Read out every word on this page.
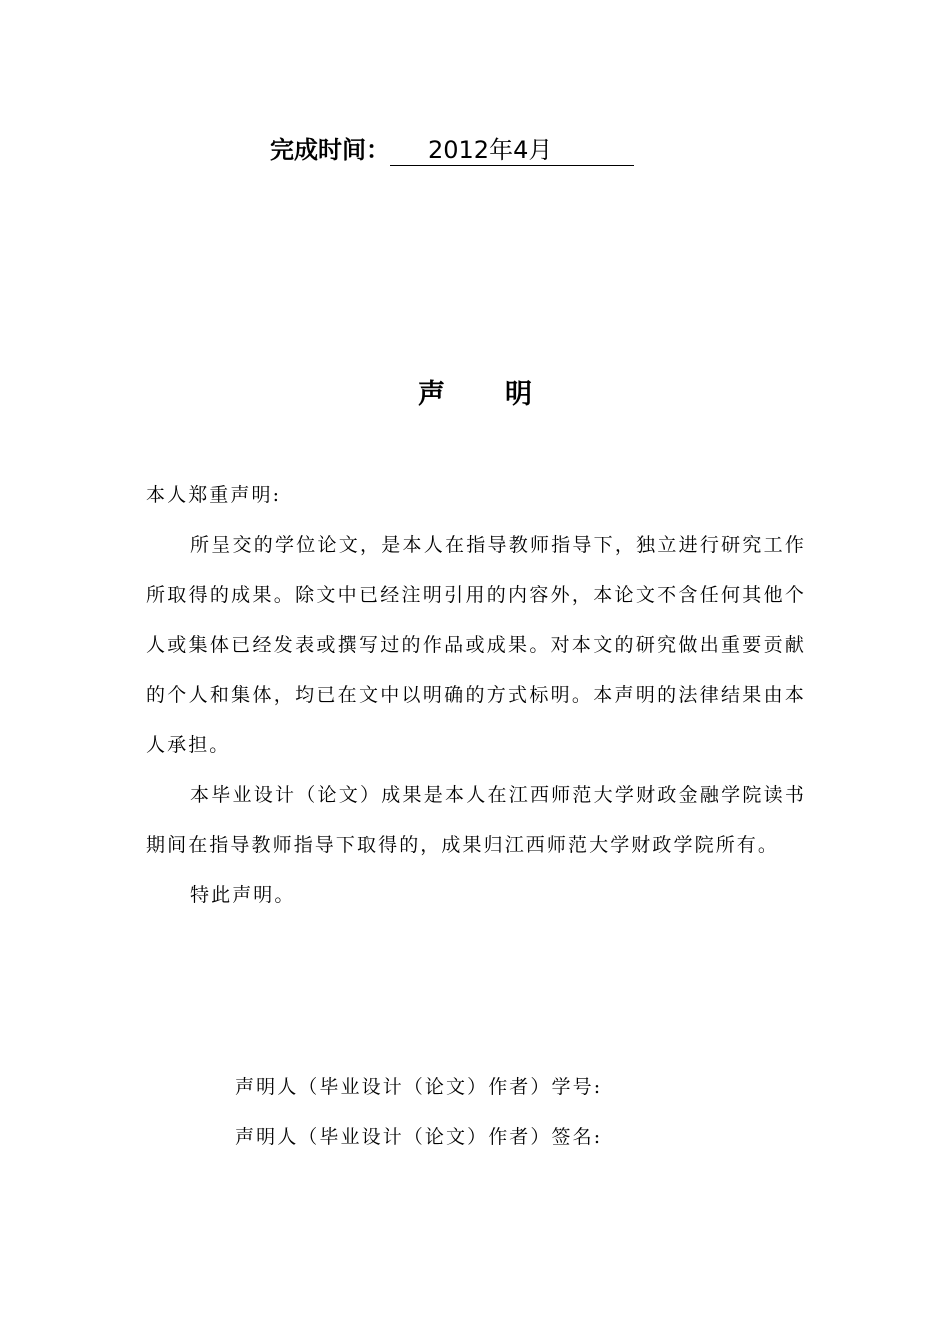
完成时间：	2012年4月
声明

本人郑重声明:

所呈交的学位论文，是本人在指导教师指导下，独立进行研究工作所取得的成果。除文中已经注明引用的内容外，本论文不含任何其他个人或集体已经发表或撰写过的作品或成果。对本文的研究做出重要贡献的个人和集体，均已在文中以明确的方式标明。本声明的法律结果由本人承担。

本毕业设计（论文）成果是本人在江西师范大学财政金融学院读书期间在指导教师指导下取得的，成果归江西师范大学财政学院所有。

特此声明。

声明人（毕业设计（论文）作者）学号:
声明人（毕业设计（论文）作者）签名:
